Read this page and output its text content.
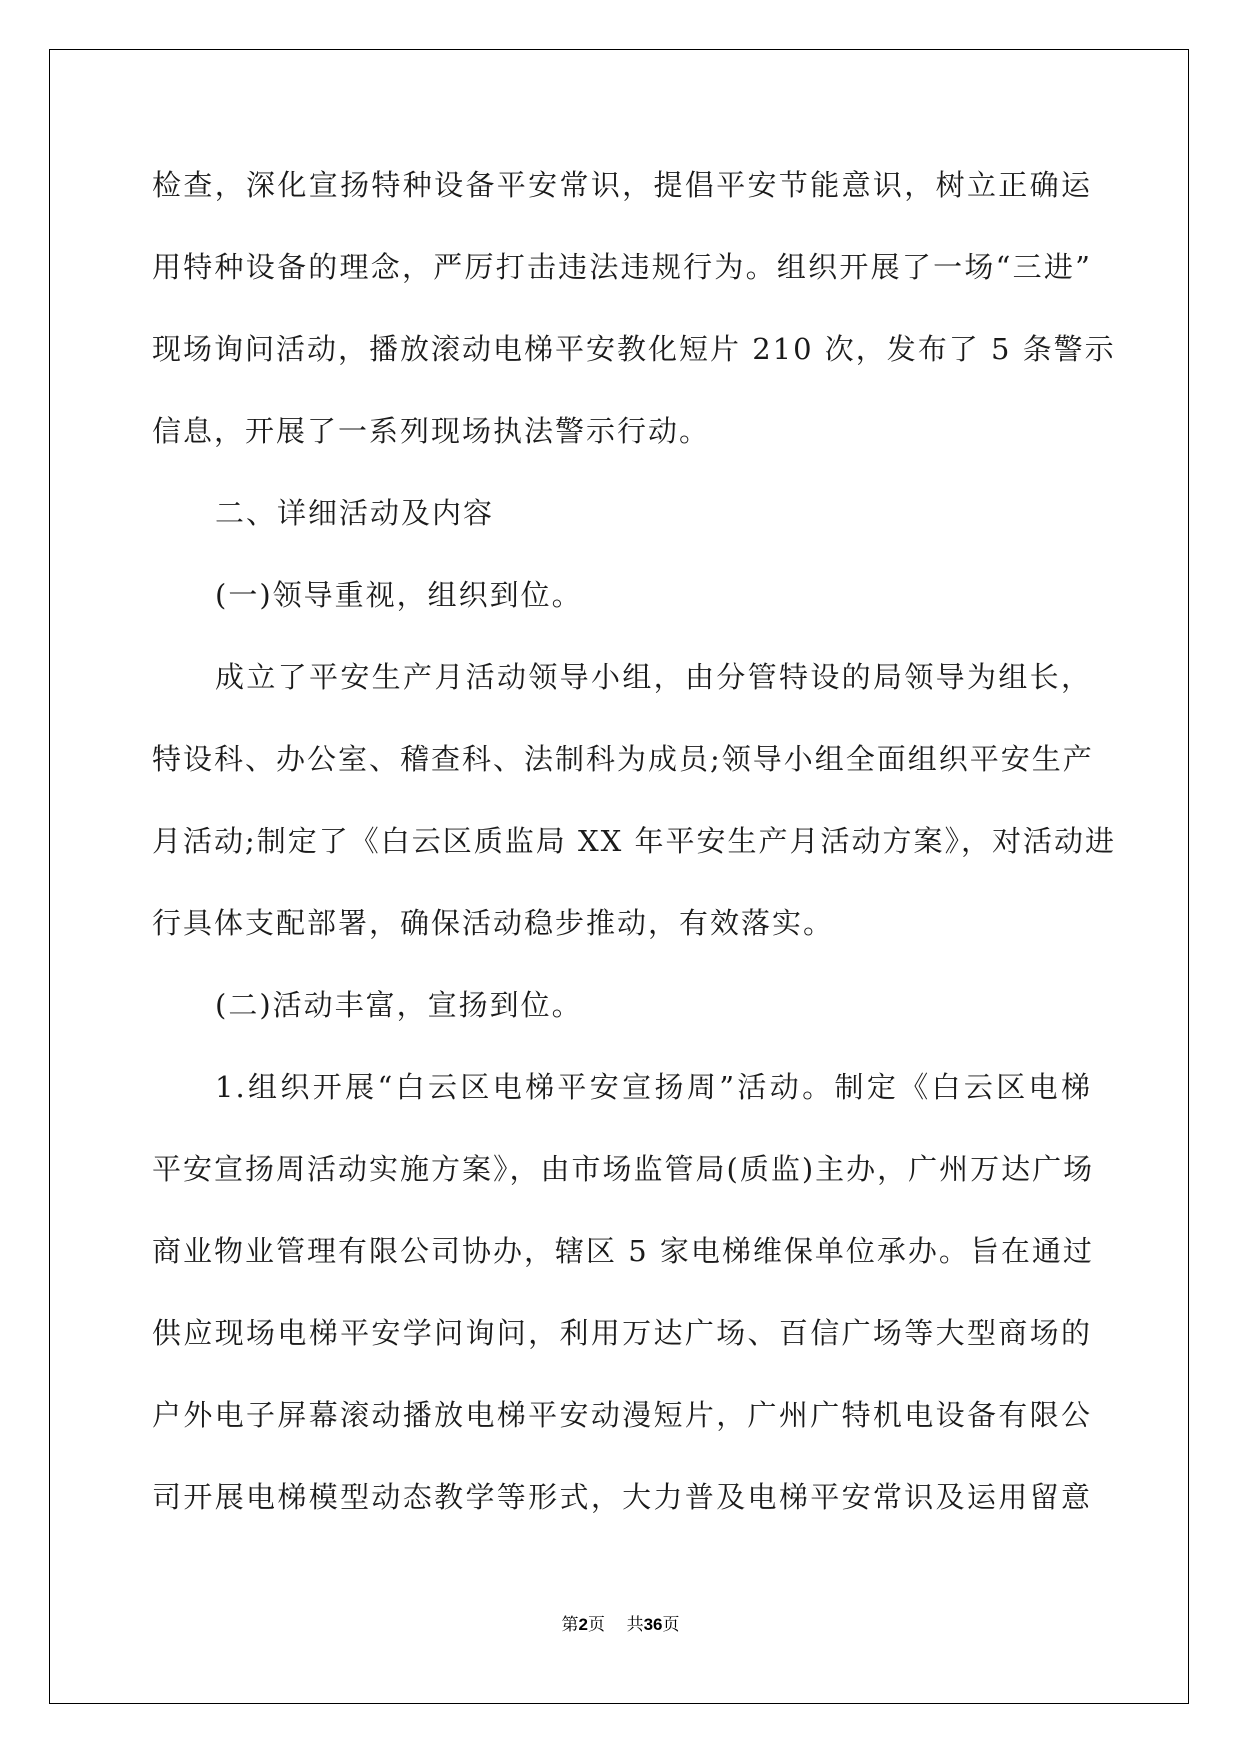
检查，深化宣扬特种设备平安常识，提倡平安节能意识，树立正确运
用特种设备的理念，严厉打击违法违规行为。组织开展了一场“三进”
现场询问活动，播放滚动电梯平安教化短片 210 次，发布了 5 条警示
信息，开展了一系列现场执法警示行动。
二、详细活动及内容
(一)领导重视，组织到位。
成立了平安生产月活动领导小组，由分管特设的局领导为组长，
特设科、办公室、稽查科、法制科为成员;领导小组全面组织平安生产
月活动;制定了《白云区质监局 XX 年平安生产月活动方案》，对活动进
行具体支配部署，确保活动稳步推动，有效落实。
(二)活动丰富，宣扬到位。
1.组织开展“白云区电梯平安宣扬周”活动。制定《白云区电梯
平安宣扬周活动实施方案》，由市场监管局(质监)主办，广州万达广场
商业物业管理有限公司协办，辖区 5 家电梯维保单位承办。旨在通过
供应现场电梯平安学问询问，利用万达广场、百信广场等大型商场的
户外电子屏幕滚动播放电梯平安动漫短片，广州广特机电设备有限公
司开展电梯模型动态教学等形式，大力普及电梯平安常识及运用留意
第2页 共36页
